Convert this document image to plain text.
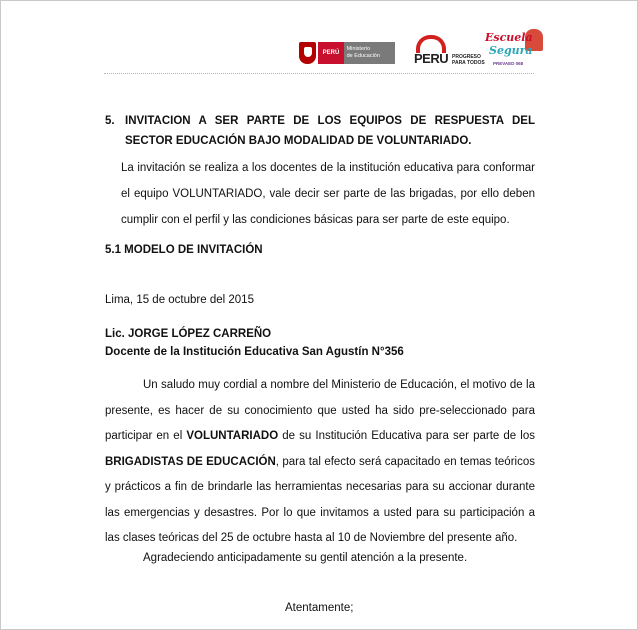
PERÚ
Ministerio
de Educación	PERU PROGRESO
PARA TODOS
Escuela
Segura
PREVAED 068
5. INVITACION A SER PARTE DE LOS EQUIPOS DE RESPUESTA DEL SECTOR EDUCACIÓN BAJO MODALIDAD DE VOLUNTARIADO.
La invitación se realiza a los docentes de la institución educativa para conformar el equipo VOLUNTARIADO, vale decir ser parte de las brigadas, por ello deben cumplir con el perfil y las condiciones básicas para ser parte de este equipo.
5.1 MODELO DE INVITACIÓN
Lima, 15 de octubre del 2015
Lic. JORGE LÓPEZ CARREÑO
Docente de la Institución Educativa San Agustín N°356
Un saludo muy cordial a nombre del Ministerio de Educación, el motivo de la presente, es hacer de su conocimiento que usted ha sido pre-seleccionado para participar en el VOLUNTARIADO de su Institución Educativa para ser parte de los BRIGADISTAS DE EDUCACIÓN, para tal efecto será capacitado en temas teóricos y prácticos a fin de brindarle las herramientas necesarias para su accionar durante las emergencias y desastres. Por lo que invitamos a usted para su participación a las clases teóricas del 25 de octubre hasta al 10 de Noviembre del presente año.
Agradeciendo anticipadamente su gentil atención a la presente.
Atentamente;
